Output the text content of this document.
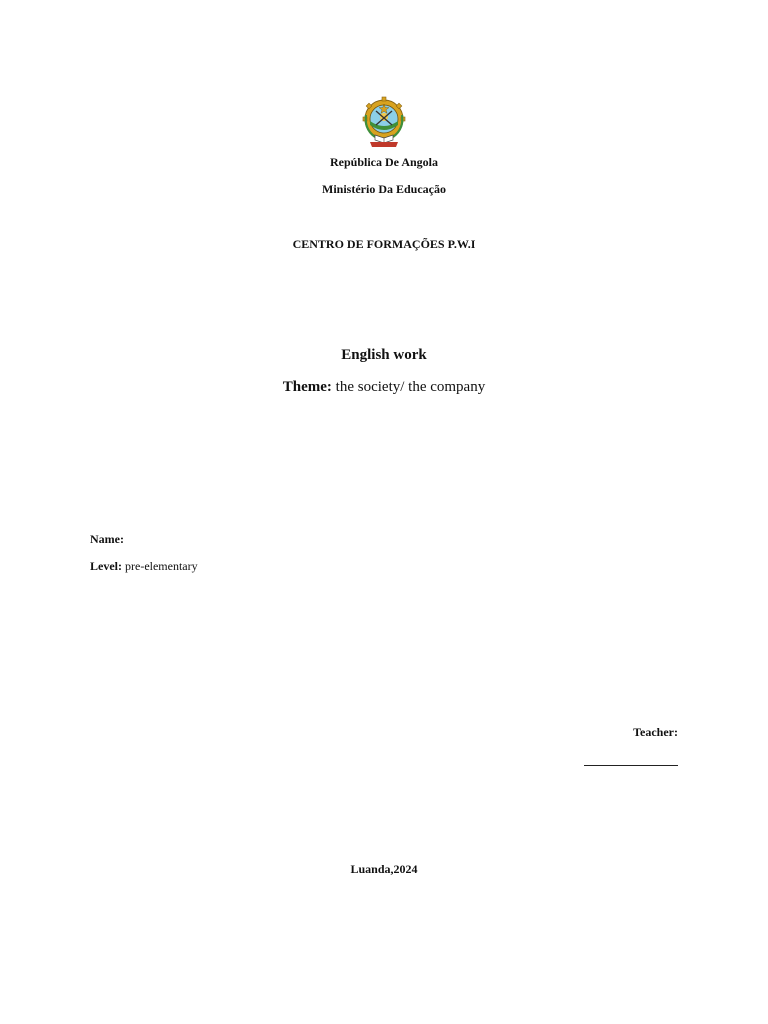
República De Angola
Ministério Da Educação
CENTRO DE FORMAÇÕES P.W.I
English work
Theme: the society/ the company
Name:
Level: pre-elementary
Teacher:
Luanda,2024
